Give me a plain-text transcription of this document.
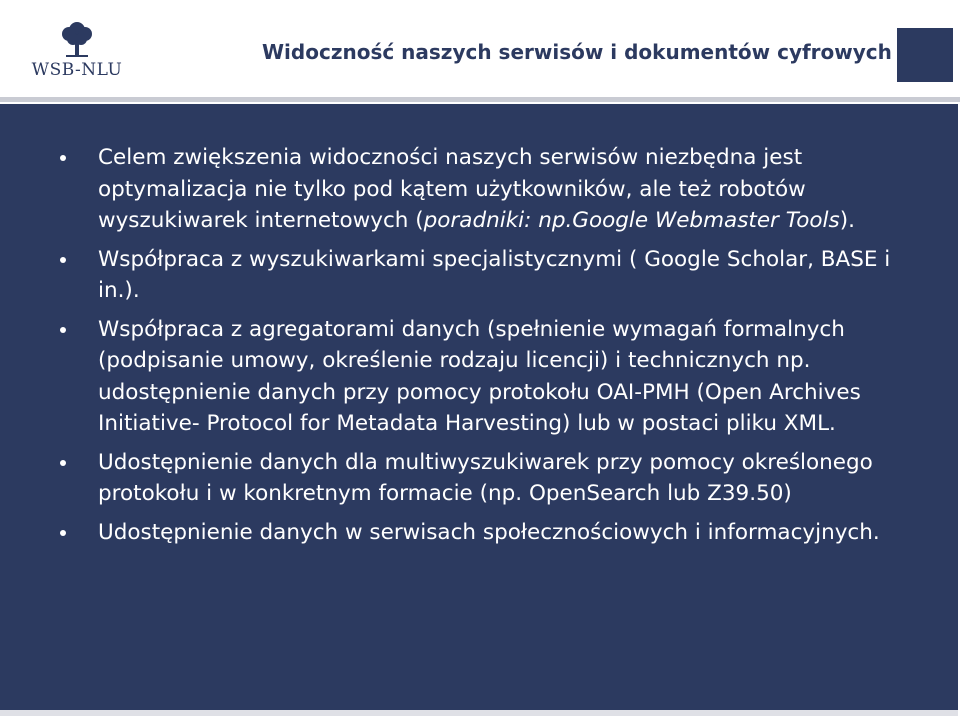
WSB-NLU
Widoczność naszych serwisów i dokumentów cyfrowych
Celem zwiększenia widoczności naszych serwisów niezbędna jest optymalizacja nie tylko pod kątem użytkowników, ale też robotów wyszukiwarek internetowych (poradniki: np.Google Webmaster Tools).
Współpraca z wyszukiwarkami specjalistycznymi ( Google Scholar, BASE i in.).
Współpraca z agregatorami danych (spełnienie wymagań formalnych (podpisanie umowy, określenie rodzaju licencji) i technicznych np. udostępnienie danych przy pomocy protokołu OAI-PMH (Open Archives Initiative- Protocol for Metadata Harvesting) lub w postaci pliku XML.
Udostępnienie danych dla multiwyszukiwarek przy pomocy określonego protokołu i w konkretnym formacie (np. OpenSearch lub Z39.50)
Udostępnienie danych w serwisach społecznościowych i informacyjnych.
